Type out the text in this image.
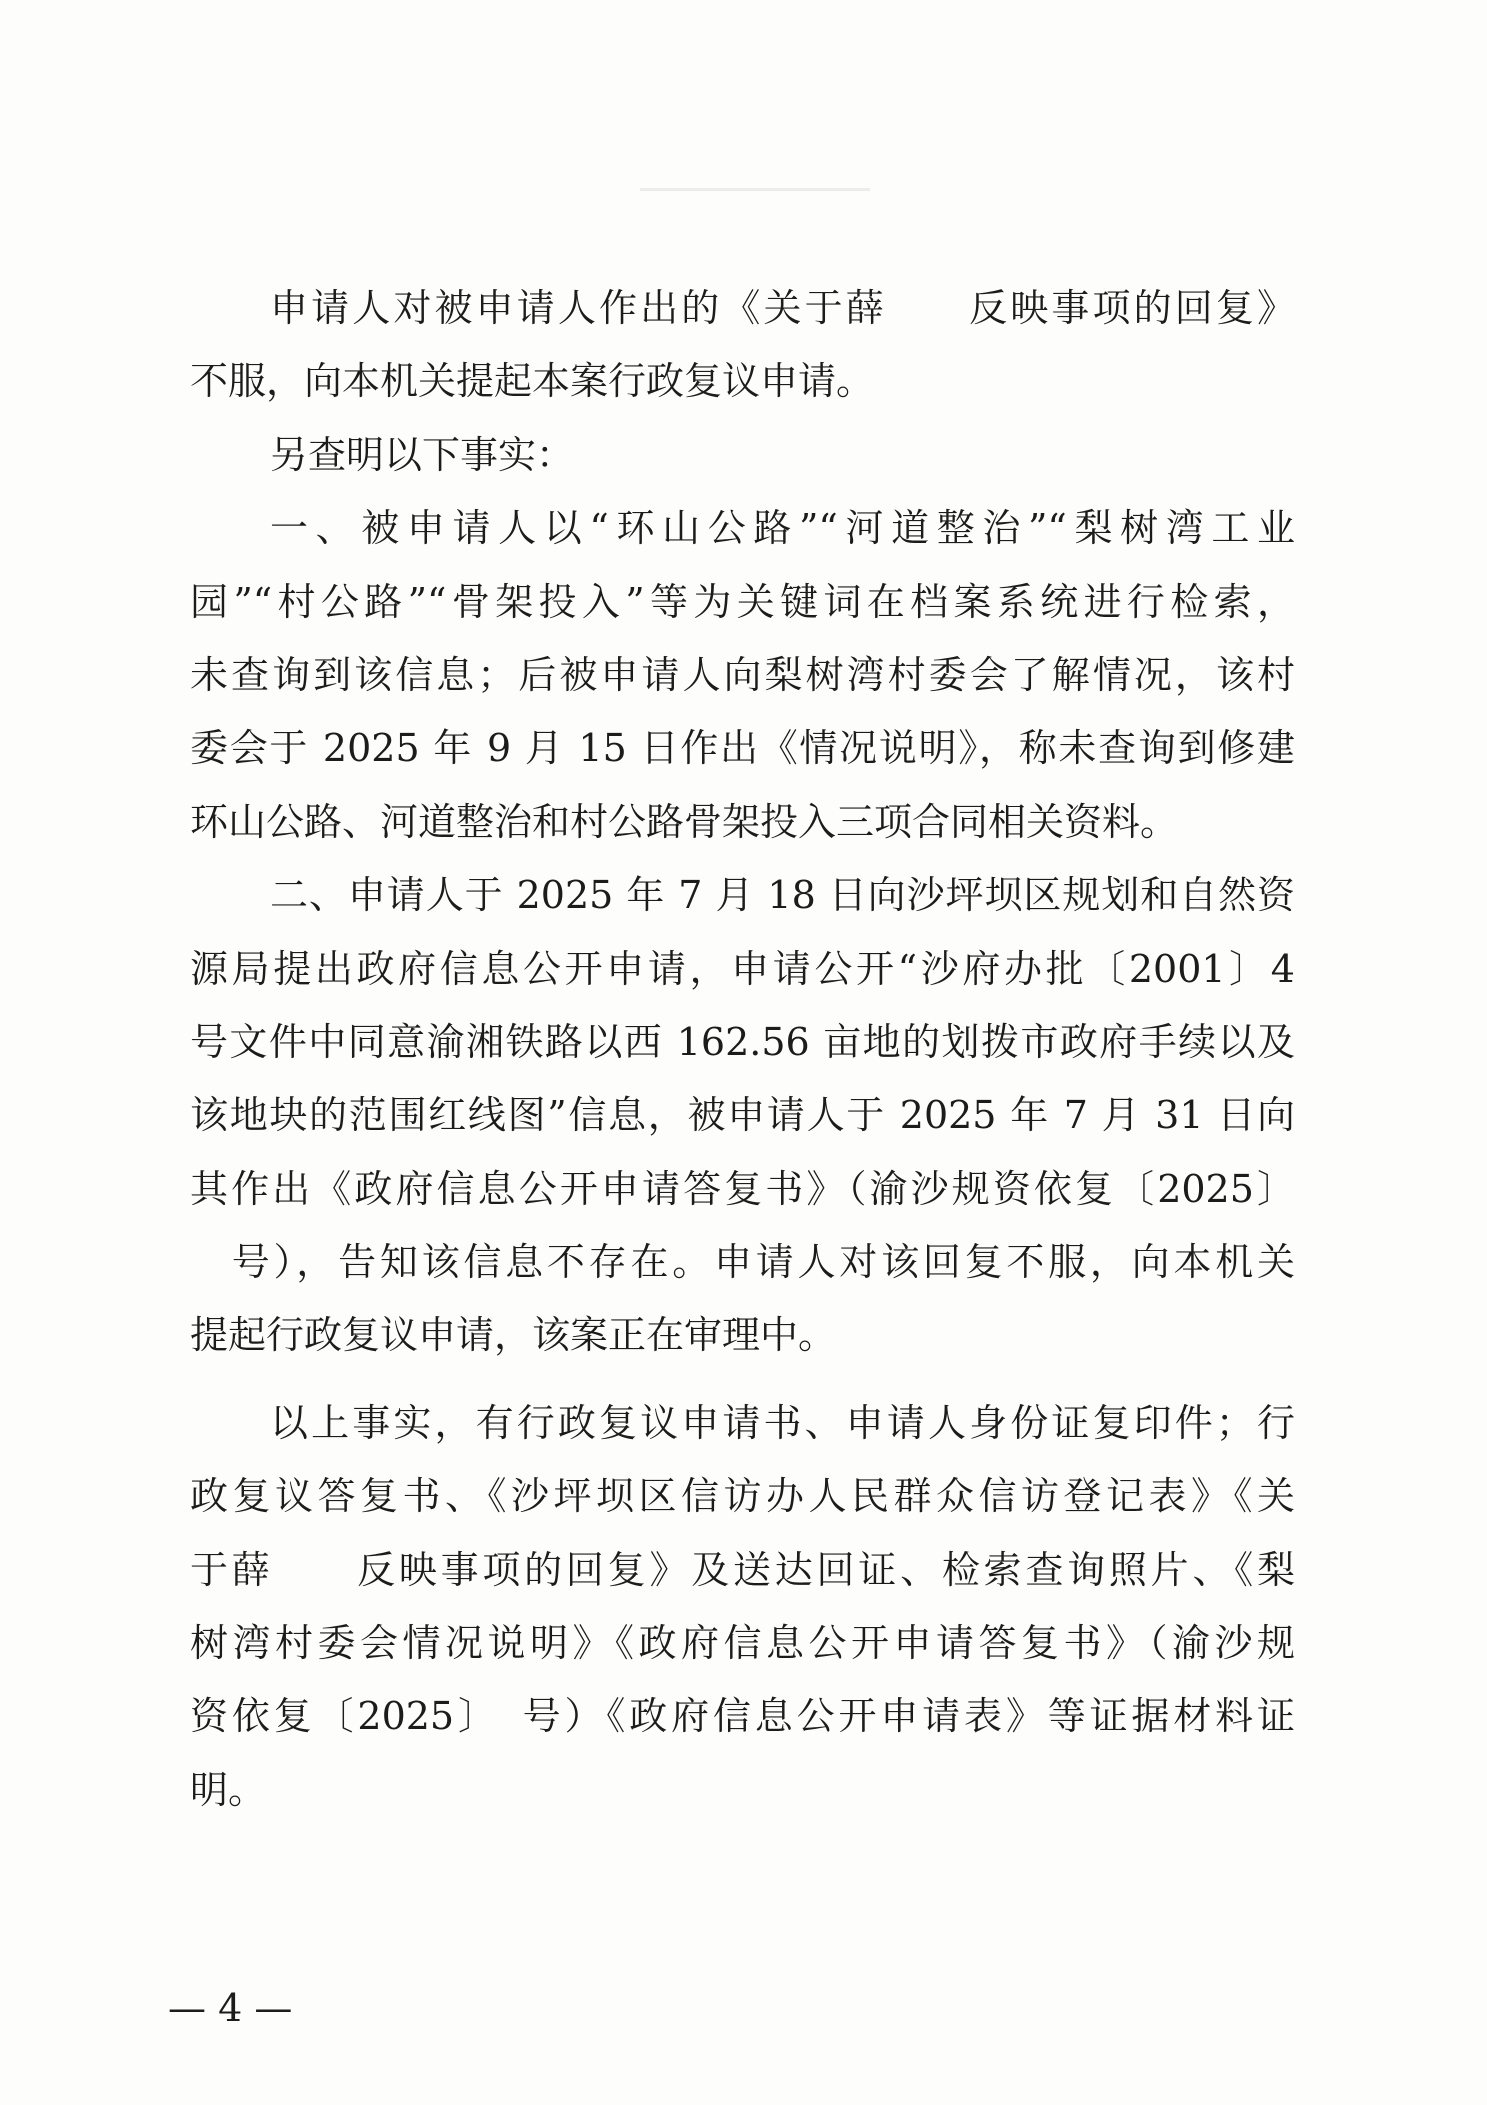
申请人对被申请人作出的《关于薛　　反映事项的回复》
不服，向本机关提起本案行政复议申请。
另查明以下事实：
一、被申请人以“环山公路”“河道整治”“梨树湾工业
园”“村公路”“骨架投入”等为关键词在档案系统进行检索，
未查询到该信息；后被申请人向梨树湾村委会了解情况，该村
委会于 2025 年 9 月 15 日作出《情况说明》，称未查询到修建
环山公路、河道整治和村公路骨架投入三项合同相关资料。
二、申请人于 2025 年 7 月 18 日向沙坪坝区规划和自然资
源局提出政府信息公开申请，申请公开“沙府办批〔2001〕4
号文件中同意渝湘铁路以西 162.56 亩地的划拨市政府手续以及
该地块的范围红线图”信息，被申请人于 2025 年 7 月 31 日向
其作出《政府信息公开申请答复书》（渝沙规资依复〔2025〕
　号），告知该信息不存在。申请人对该回复不服，向本机关
提起行政复议申请，该案正在审理中。
以上事实，有行政复议申请书、申请人身份证复印件；行
政复议答复书、《沙坪坝区信访办人民群众信访登记表》《关
于薛　　反映事项的回复》及送达回证、检索查询照片、《梨
树湾村委会情况说明》《政府信息公开申请答复书》（渝沙规
资依复〔2025〕　号）《政府信息公开申请表》等证据材料证
明。
— 4 —
